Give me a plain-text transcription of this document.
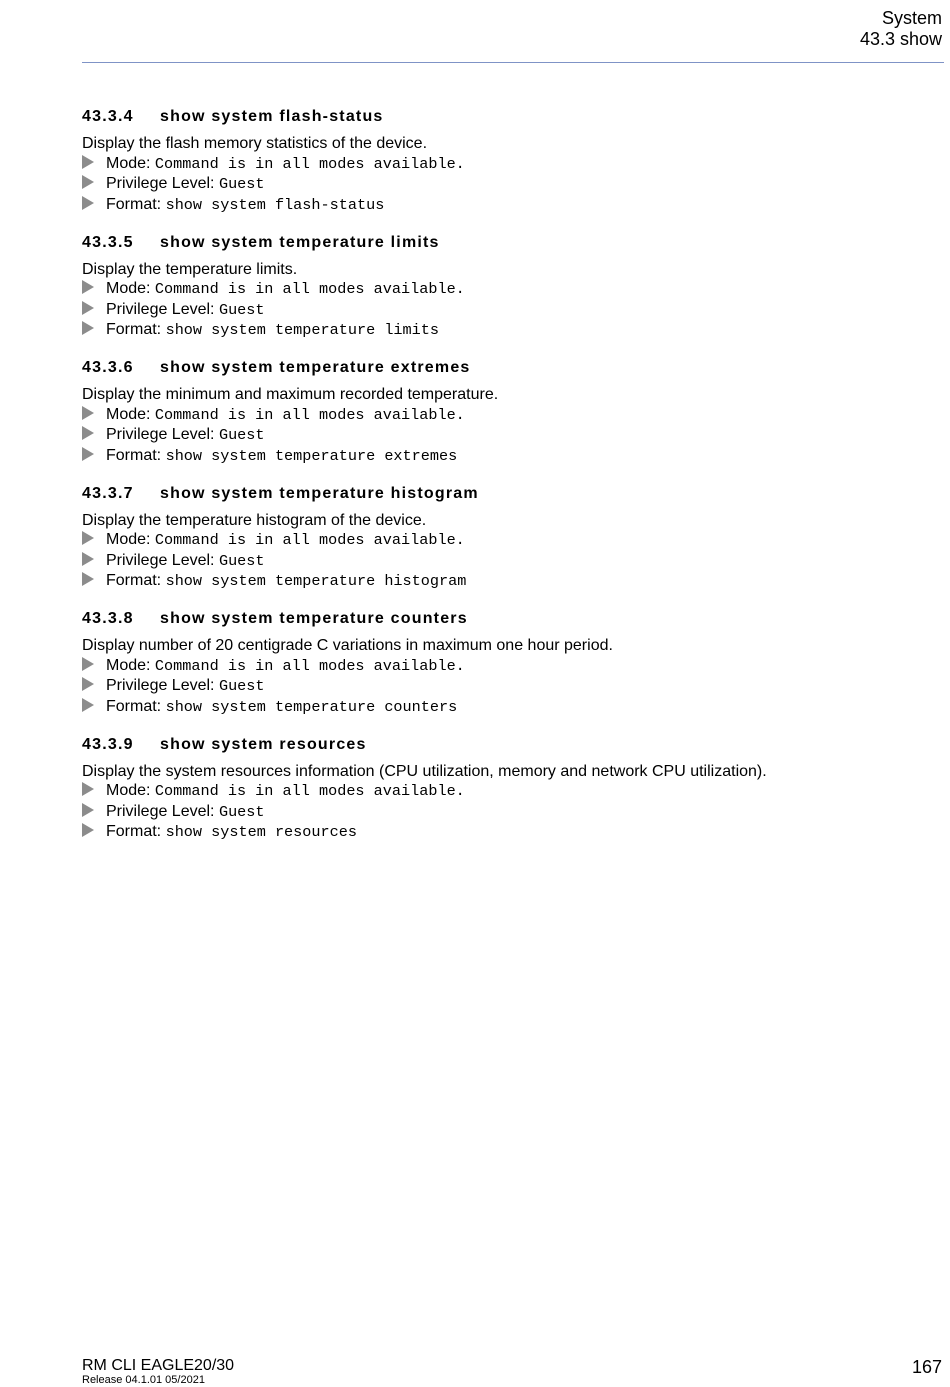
System
43.3 show
43.3.4 show system flash-status
Display the flash memory statistics of the device.
Mode: Command is in all modes available.
Privilege Level: Guest
Format: show system flash-status
43.3.5 show system temperature limits
Display the temperature limits.
Mode: Command is in all modes available.
Privilege Level: Guest
Format: show system temperature limits
43.3.6 show system temperature extremes
Display the minimum and maximum recorded temperature.
Mode: Command is in all modes available.
Privilege Level: Guest
Format: show system temperature extremes
43.3.7 show system temperature histogram
Display the temperature histogram of the device.
Mode: Command is in all modes available.
Privilege Level: Guest
Format: show system temperature histogram
43.3.8 show system temperature counters
Display number of 20 centigrade C variations in maximum one hour period.
Mode: Command is in all modes available.
Privilege Level: Guest
Format: show system temperature counters
43.3.9 show system resources
Display the system resources information (CPU utilization, memory and network CPU utilization).
Mode: Command is in all modes available.
Privilege Level: Guest
Format: show system resources
RM CLI EAGLE20/30
Release 04.1.01 05/2021
167
